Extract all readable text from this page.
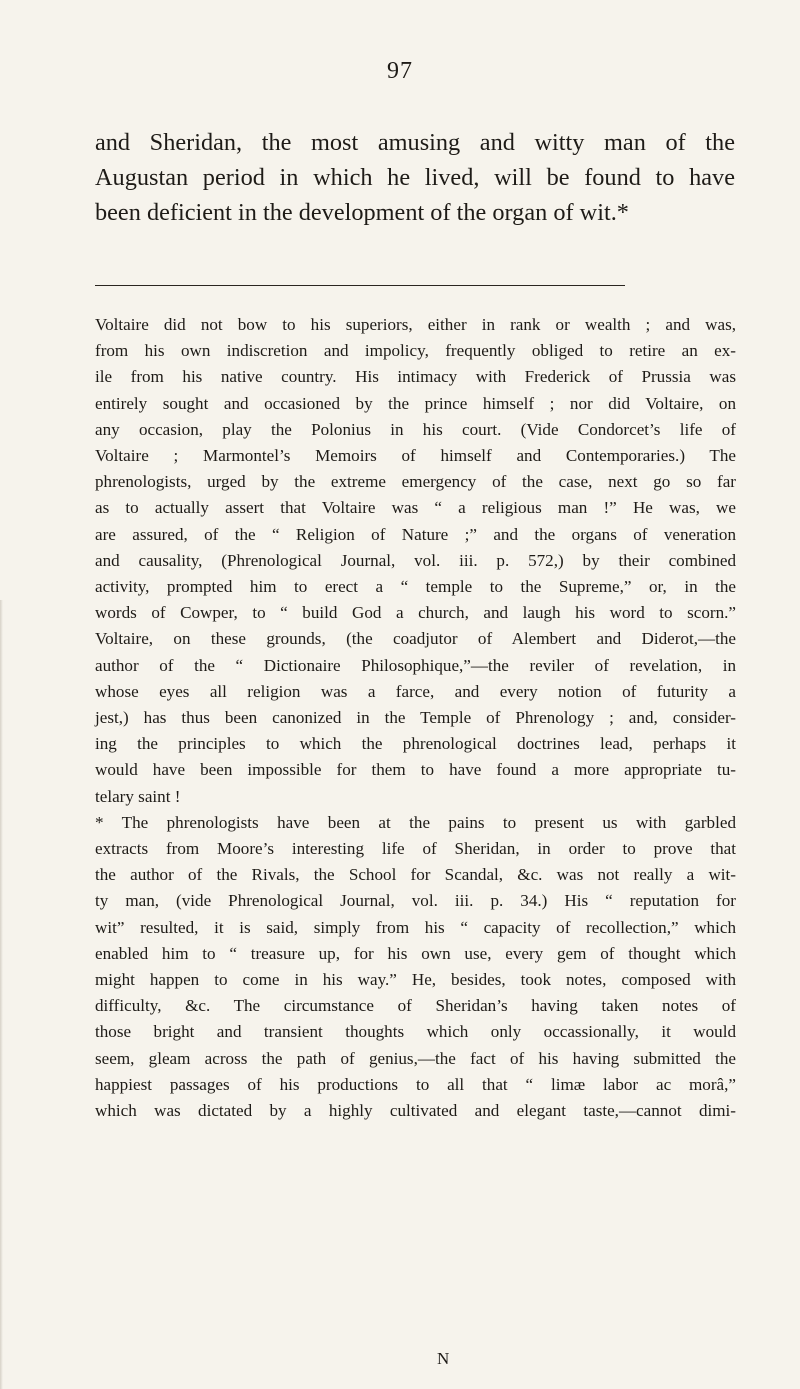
97
and Sheridan, the most amusing and witty man of the
Augustan period in which he lived, will be found to have
been deficient in the development of the organ of wit.*
Voltaire did not bow to his superiors, either in rank or wealth ; and was,
from his own indiscretion and impolicy, frequently obliged to retire an ex-
ile from his native country. His intimacy with Frederick of Prussia was
entirely sought and occasioned by the prince himself ; nor did Voltaire, on
any occasion, play the Polonius in his court. (Vide Condorcet’s life of
Voltaire ; Marmontel’s Memoirs of himself and Contemporaries.) The
phrenologists, urged by the extreme emergency of the case, next go so far
as to actually assert that Voltaire was “ a religious man !” He was, we
are assured, of the “ Religion of Nature ;” and the organs of veneration
and causality, (Phrenological Journal, vol. iii. p. 572,) by their combined
activity, prompted him to erect a “ temple to the Supreme,” or, in the
words of Cowper, to “ build God a church, and laugh his word to scorn.”
Voltaire, on these grounds, (the coadjutor of Alembert and Diderot,—the
author of the “ Dictionaire Philosophique,”—the reviler of revelation, in
whose eyes all religion was a farce, and every notion of futurity a
jest,) has thus been canonized in the Temple of Phrenology ; and, consider-
ing the principles to which the phrenological doctrines lead, perhaps it
would have been impossible for them to have found a more appropriate tu-
telary saint !
* The phrenologists have been at the pains to present us with garbled
extracts from Moore’s interesting life of Sheridan, in order to prove that
the author of the Rivals, the School for Scandal, &c. was not really a wit-
ty man, (vide Phrenological Journal, vol. iii. p. 34.) His “ reputation for
wit” resulted, it is said, simply from his “ capacity of recollection,” which
enabled him to “ treasure up, for his own use, every gem of thought which
might happen to come in his way.” He, besides, took notes, composed with
difficulty, &c. The circumstance of Sheridan’s having taken notes of
those bright and transient thoughts which only occassionally, it would
seem, gleam across the path of genius,—the fact of his having submitted the
happiest passages of his productions to all that “ limæ labor ac morâ,”
which was dictated by a highly cultivated and elegant taste,—cannot dimi-
N
